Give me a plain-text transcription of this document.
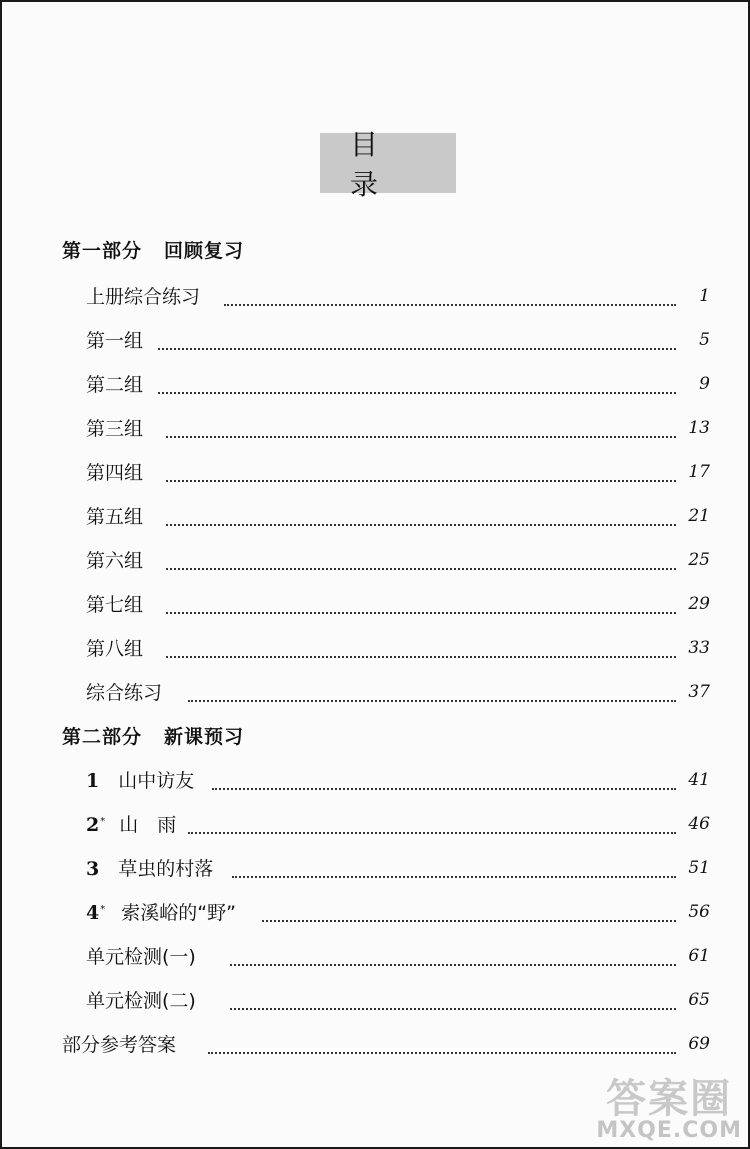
目录
第一部分 回顾复习
上册综合练习	1
第一组	5
第二组	9
第三组	13
第四组	17
第五组	21
第六组	25
第七组	29
第八组	33
综合练习	37
第二部分 新课预习
1 山中访友	41
2* 山　雨	46
3 草虫的村落	51
4* 索溪峪的“野”	56
单元检测(一)	61
单元检测(二)	65
部分参考答案	69
答案圈
MXQE.COM
